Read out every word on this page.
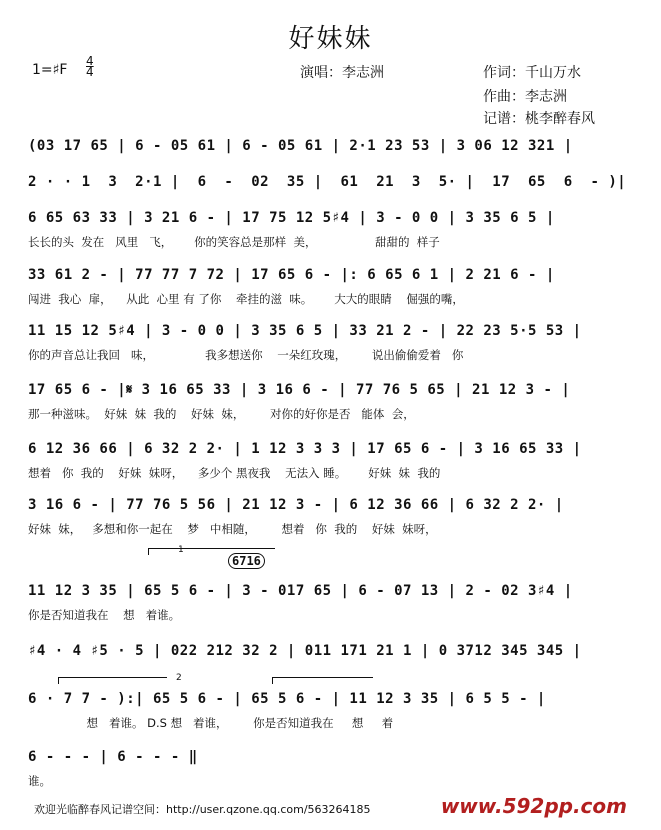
好妹妹
1=♯F
4
4	演唱：李志洲	作词：千山万水
作曲：李志洲
记谱：桃李醉春风
(03 17 65 | 6 - 05 61 | 6 - 05 61 | 2·1 23 53 | 3 06 12 321 |
2 · · 1  3  2·1 |  6  -  02  35 |  61  21  3  5· |  17  65  6  - )|
6 65 63 33 | 3 21 6 - | 17 75 12 5♯4 | 3 - 0 0 | 3 35 6 5 |
长长的头  发在   风里   飞，      你的笑容总是那样  美，                甜甜的  样子
33 61 2 - | 77 77 7 72 | 17 65 6 - |: 6 65 6 1 | 2 21 6 - |
闯进  我心  扉，    从此  心里 有 了你    牵挂的滋  味。      大大的眼睛    倔强的嘴，
11 15 12 5♯4 | 3 - 0 0 | 3 35 6 5 | 33 21 2 - | 22 23 5·5 53 |
你的声音总让我回   味，              我多想送你    一朵红玫瑰，       说出偷偷爱着   你
17 65 6 - |𝄋 3 16 65 33 | 3 16 6 - | 77 76 5 65 | 21 12 3 - |
那一种滋味。  好妹  妹  我的    好妹  妹，       对你的好你是否   能体  会，
6 12 36 66 | 6 32 2 2· | 1 12 3 3 3 | 17 65 6 - | 3 16 65 33 |
想着   你  我的    好妹  妹呀，    多少个 黑夜我    无法入 睡。      好妹  妹  我的
3 16 6 - | 77 76 5 56 | 21 12 3 - | 6 12 36 66 | 6 32 2 2· |
好妹  妹，   多想和你一起在    梦   中相随，       想着   你  我的    好妹  妹呀，
1
6716
11 12 3 35 | 65 5 6 - | 3 - 017 65 | 6 - 07 13 | 2 - 02 3♯4 |
你是否知道我在    想   着谁。
♯4 · 4 ♯5 · 5 | 022 212 32 2 | 011 171 21 1 | 0 3712 345 345 |
2
6 · 7 7 - ):| 65 5 6 - | 65 5 6 - | 11 12 3 35 | 6 5 5 - |
想   着谁。 D.S 想   着谁，       你是否知道我在     想     着
6 - - - | 6 - - - ‖
谁。
欢迎光临醉春风记谱空间：http://user.qzone.qq.com/563264185	www.592pp.com
